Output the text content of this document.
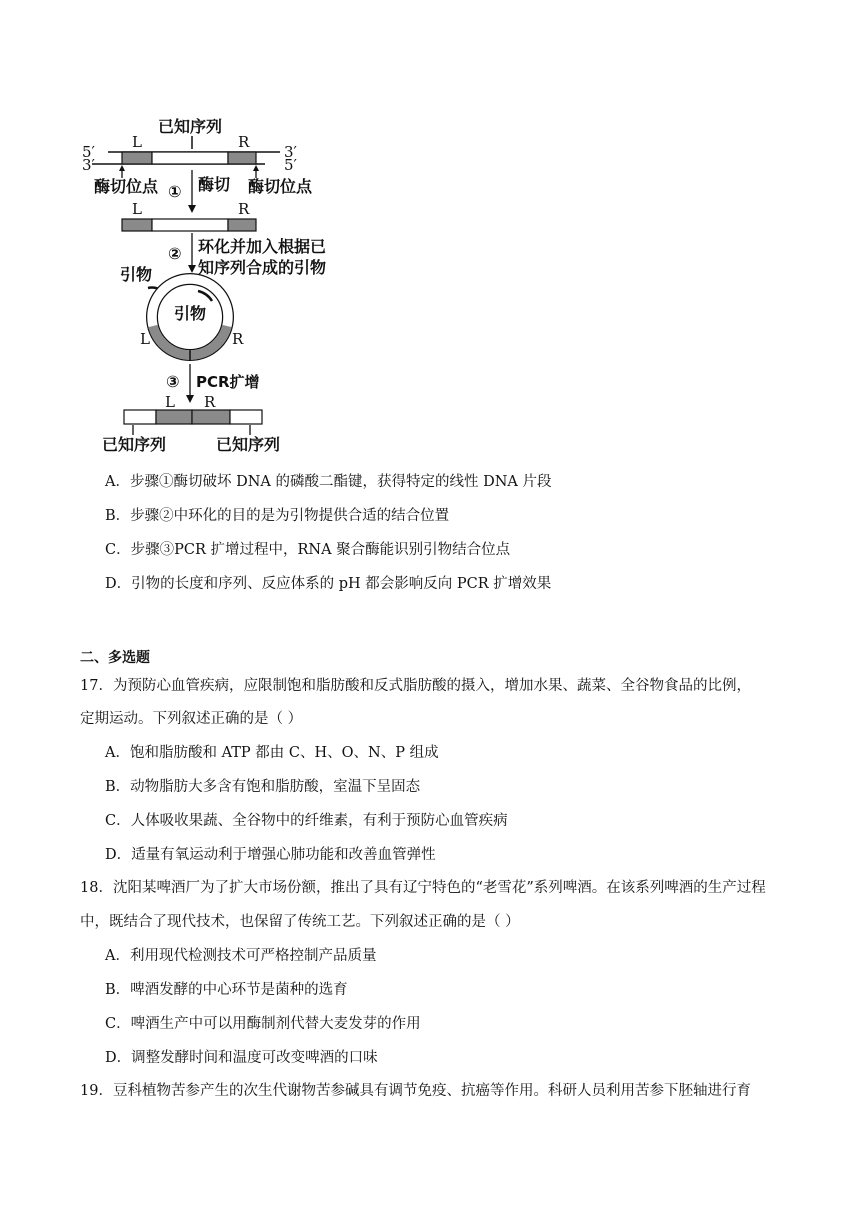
已知序列
L	R
5′
3′
3′
5′
酶切位点	酶切位点
① 酶切
L	R
② 环化并加入根据已
知序列合成的引物
引物
引物
L	R
③ PCR扩增
L R
已知序列	已知序列
A．步骤①酶切破坏 DNA 的磷酸二酯键，获得特定的线性 DNA 片段
B．步骤②中环化的目的是为引物提供合适的结合位置
C．步骤③PCR 扩增过程中，RNA 聚合酶能识别引物结合位点
D．引物的长度和序列、反应体系的 pH 都会影响反向 PCR 扩增效果
二、多选题
17．为预防心血管疾病，应限制饱和脂肪酸和反式脂肪酸的摄入，增加水果、蔬菜、全谷物食品的比例，
定期运动。下列叙述正确的是（ ）
A．饱和脂肪酸和 ATP 都由 C、H、O、N、P 组成
B．动物脂肪大多含有饱和脂肪酸，室温下呈固态
C．人体吸收果蔬、全谷物中的纤维素，有利于预防心血管疾病
D．适量有氧运动利于增强心肺功能和改善血管弹性
18．沈阳某啤酒厂为了扩大市场份额，推出了具有辽宁特色的“老雪花”系列啤酒。在该系列啤酒的生产过程
中，既结合了现代技术，也保留了传统工艺。下列叙述正确的是（ ）
A．利用现代检测技术可严格控制产品质量
B．啤酒发酵的中心环节是菌种的选育
C．啤酒生产中可以用酶制剂代替大麦发芽的作用
D．调整发酵时间和温度可改变啤酒的口味
19．豆科植物苦参产生的次生代谢物苦参碱具有调节免疫、抗癌等作用。科研人员利用苦参下胚轴进行育
